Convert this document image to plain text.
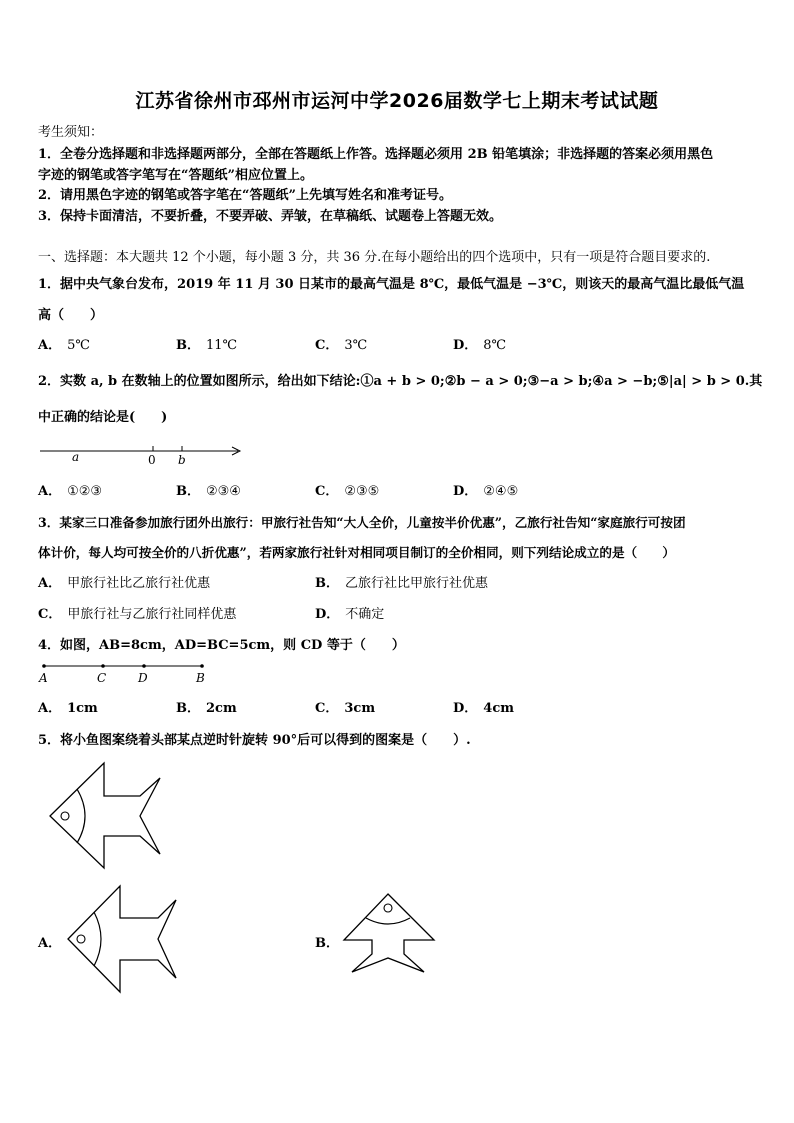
江苏省徐州市邳州市运河中学2026届数学七上期末考试试题
考生须知：
1．全卷分选择题和非选择题两部分，全部在答题纸上作答。选择题必须用 2B 铅笔填涂；非选择题的答案必须用黑色
字迹的钢笔或答字笔写在“答题纸”相应位置上。
2．请用黑色字迹的钢笔或答字笔在“答题纸”上先填写姓名和准考证号。
3．保持卡面清洁，不要折叠，不要弄破、弄皱，在草稿纸、试题卷上答题无效。
一、选择题：本大题共 12 个小题，每小题 3 分，共 36 分.在每小题给出的四个选项中，只有一项是符合题目要求的.
1．据中央气象台发布，2019 年 11 月 30 日某市的最高气温是 8℃，最低气温是 −3℃，则该天的最高气温比最低气温
高（　　）
A． 5℃	B． 11℃	C． 3℃	D． 8℃
2．实数 a, b 在数轴上的位置如图所示，给出如下结论:①a + b > 0;②b − a > 0;③−a > b;④a > −b;⑤|a| > b > 0.其
中正确的结论是(　　)
a	0 b
A． ①②③	B． ②③④	C． ②③⑤	D． ②④⑤
3．某家三口准备参加旅行团外出旅行：甲旅行社告知“大人全价，儿童按半价优惠”，乙旅行社告知“家庭旅行可按团
体计价，每人均可按全价的八折优惠”，若两家旅行社针对相同项目制订的全价相同，则下列结论成立的是（　　）
A． 甲旅行社比乙旅行社优惠	B． 乙旅行社比甲旅行社优惠
C． 甲旅行社与乙旅行社同样优惠	D． 不确定
4．如图，AB=8cm，AD=BC=5cm，则 CD 等于（　　）
A	C	D	B
A． 1cm	B． 2cm	C． 3cm	D． 4cm
5．将小鱼图案绕着头部某点逆时针旋转 90°后可以得到的图案是（　　）.
A．	B．
